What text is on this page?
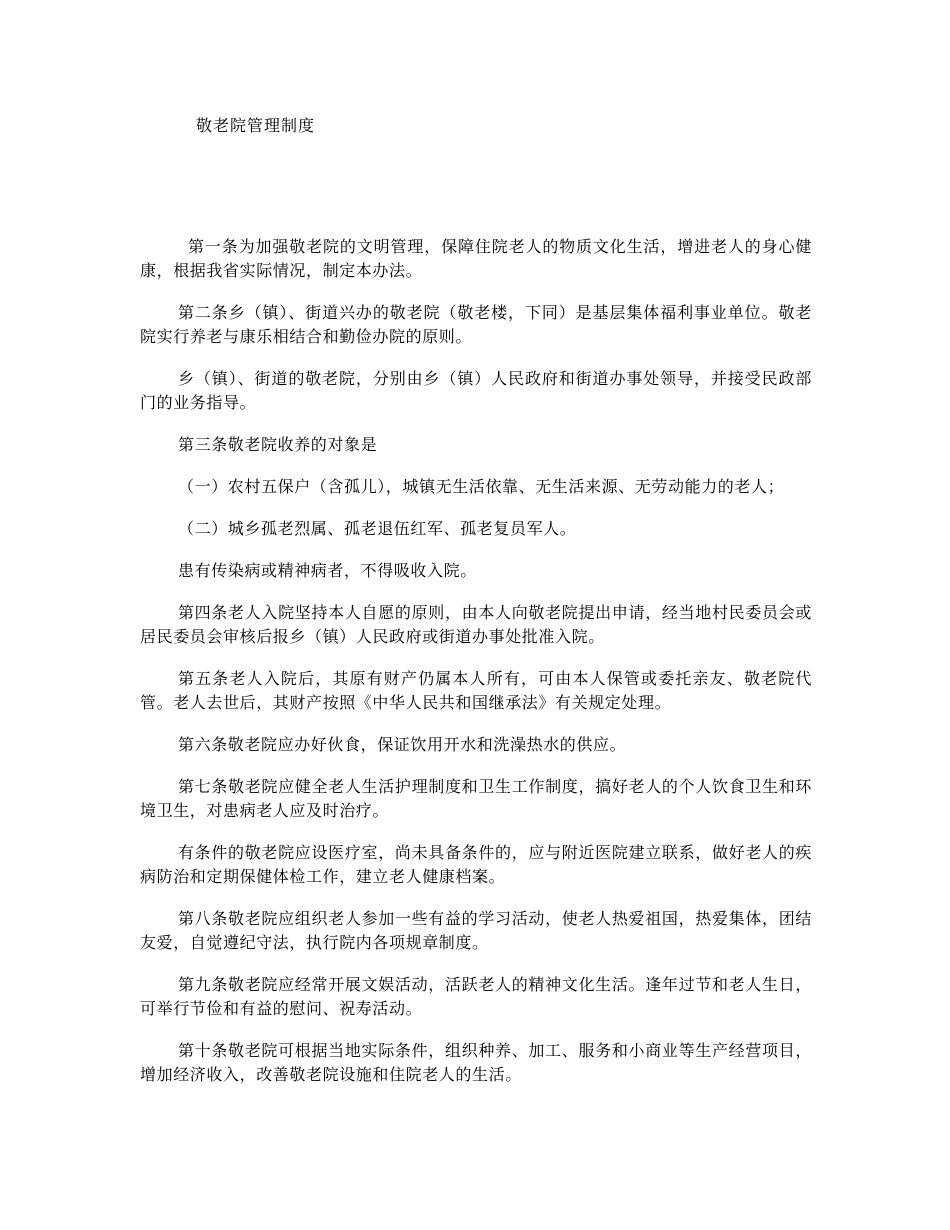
敬老院管理制度

第一条为加强敬老院的文明管理，保障住院老人的物质文化生活，增进老人的身心健康，根据我省实际情况，制定本办法。

第二条乡（镇）、街道兴办的敬老院（敬老楼，下同）是基层集体福利事业单位。敬老院实行养老与康乐相结合和勤俭办院的原则。

乡（镇）、街道的敬老院，分别由乡（镇）人民政府和街道办事处领导，并接受民政部门的业务指导。

第三条敬老院收养的对象是

（一）农村五保户（含孤儿），城镇无生活依靠、无生活来源、无劳动能力的老人；

（二）城乡孤老烈属、孤老退伍红军、孤老复员军人。

患有传染病或精神病者，不得吸收入院。

第四条老人入院坚持本人自愿的原则，由本人向敬老院提出申请，经当地村民委员会或居民委员会审核后报乡（镇）人民政府或街道办事处批准入院。

第五条老人入院后，其原有财产仍属本人所有，可由本人保管或委托亲友、敬老院代管。老人去世后，其财产按照《中华人民共和国继承法》有关规定处理。

第六条敬老院应办好伙食，保证饮用开水和洗澡热水的供应。

第七条敬老院应健全老人生活护理制度和卫生工作制度，搞好老人的个人饮食卫生和环境卫生，对患病老人应及时治疗。

有条件的敬老院应设医疗室，尚未具备条件的，应与附近医院建立联系，做好老人的疾病防治和定期保健体检工作，建立老人健康档案。

第八条敬老院应组织老人参加一些有益的学习活动，使老人热爱祖国，热爱集体，团结友爱，自觉遵纪守法，执行院内各项规章制度。

第九条敬老院应经常开展文娱活动，活跃老人的精神文化生活。逢年过节和老人生日，可举行节俭和有益的慰问、祝寿活动。

第十条敬老院可根据当地实际条件，组织种养、加工、服务和小商业等生产经营项目，增加经济收入，改善敬老院设施和住院老人的生活。
